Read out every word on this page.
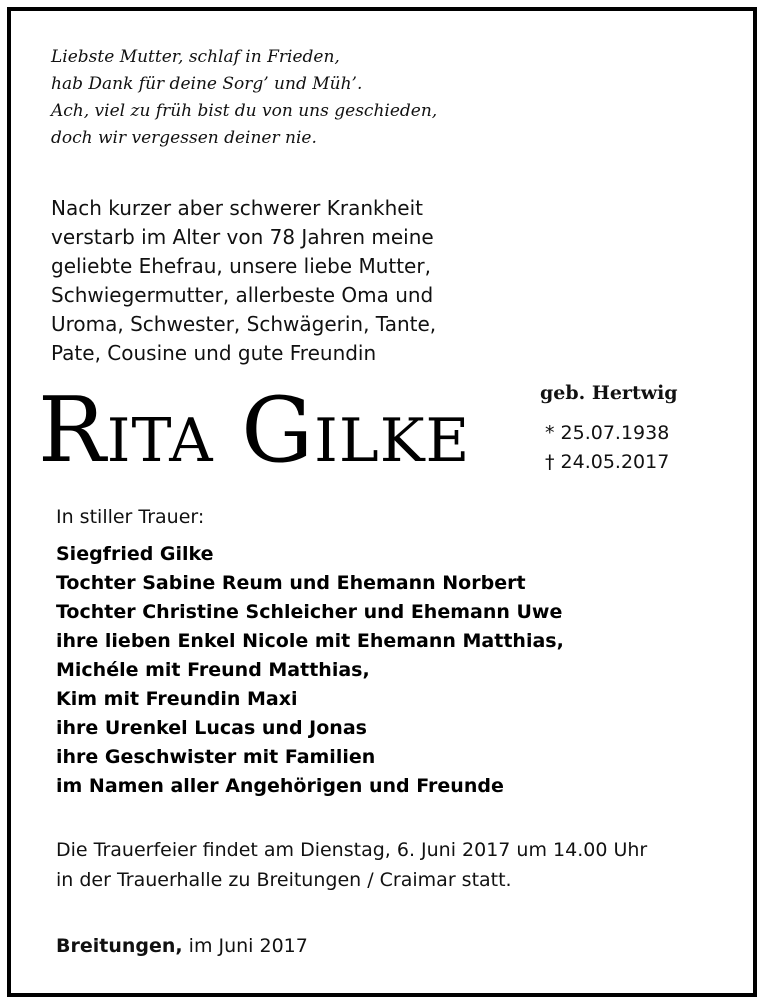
Liebste Mutter, schlaf in Frieden,
hab Dank für deine Sorg’ und Müh’.
Ach, viel zu früh bist du von uns geschieden,
doch wir vergessen deiner nie.
Nach kurzer aber schwerer Krankheit
verstarb im Alter von 78 Jahren meine
geliebte Ehefrau, unsere liebe Mutter,
Schwiegermutter, allerbeste Oma und
Uroma, Schwester, Schwägerin, Tante,
Pate, Cousine und gute Freundin
RITA GILKE
geb. Hertwig
* 25.07.1938
† 24.05.2017
In stiller Trauer:
Siegfried Gilke
Tochter Sabine Reum und Ehemann Norbert
Tochter Christine Schleicher und Ehemann Uwe
ihre lieben Enkel Nicole mit Ehemann Matthias,
Michéle mit Freund Matthias,
Kim mit Freundin Maxi
ihre Urenkel Lucas und Jonas
ihre Geschwister mit Familien
im Namen aller Angehörigen und Freunde
Die Trauerfeier findet am Dienstag, 6. Juni 2017 um 14.00 Uhr
in der Trauerhalle zu Breitungen / Craimar statt.
Breitungen, im Juni 2017
